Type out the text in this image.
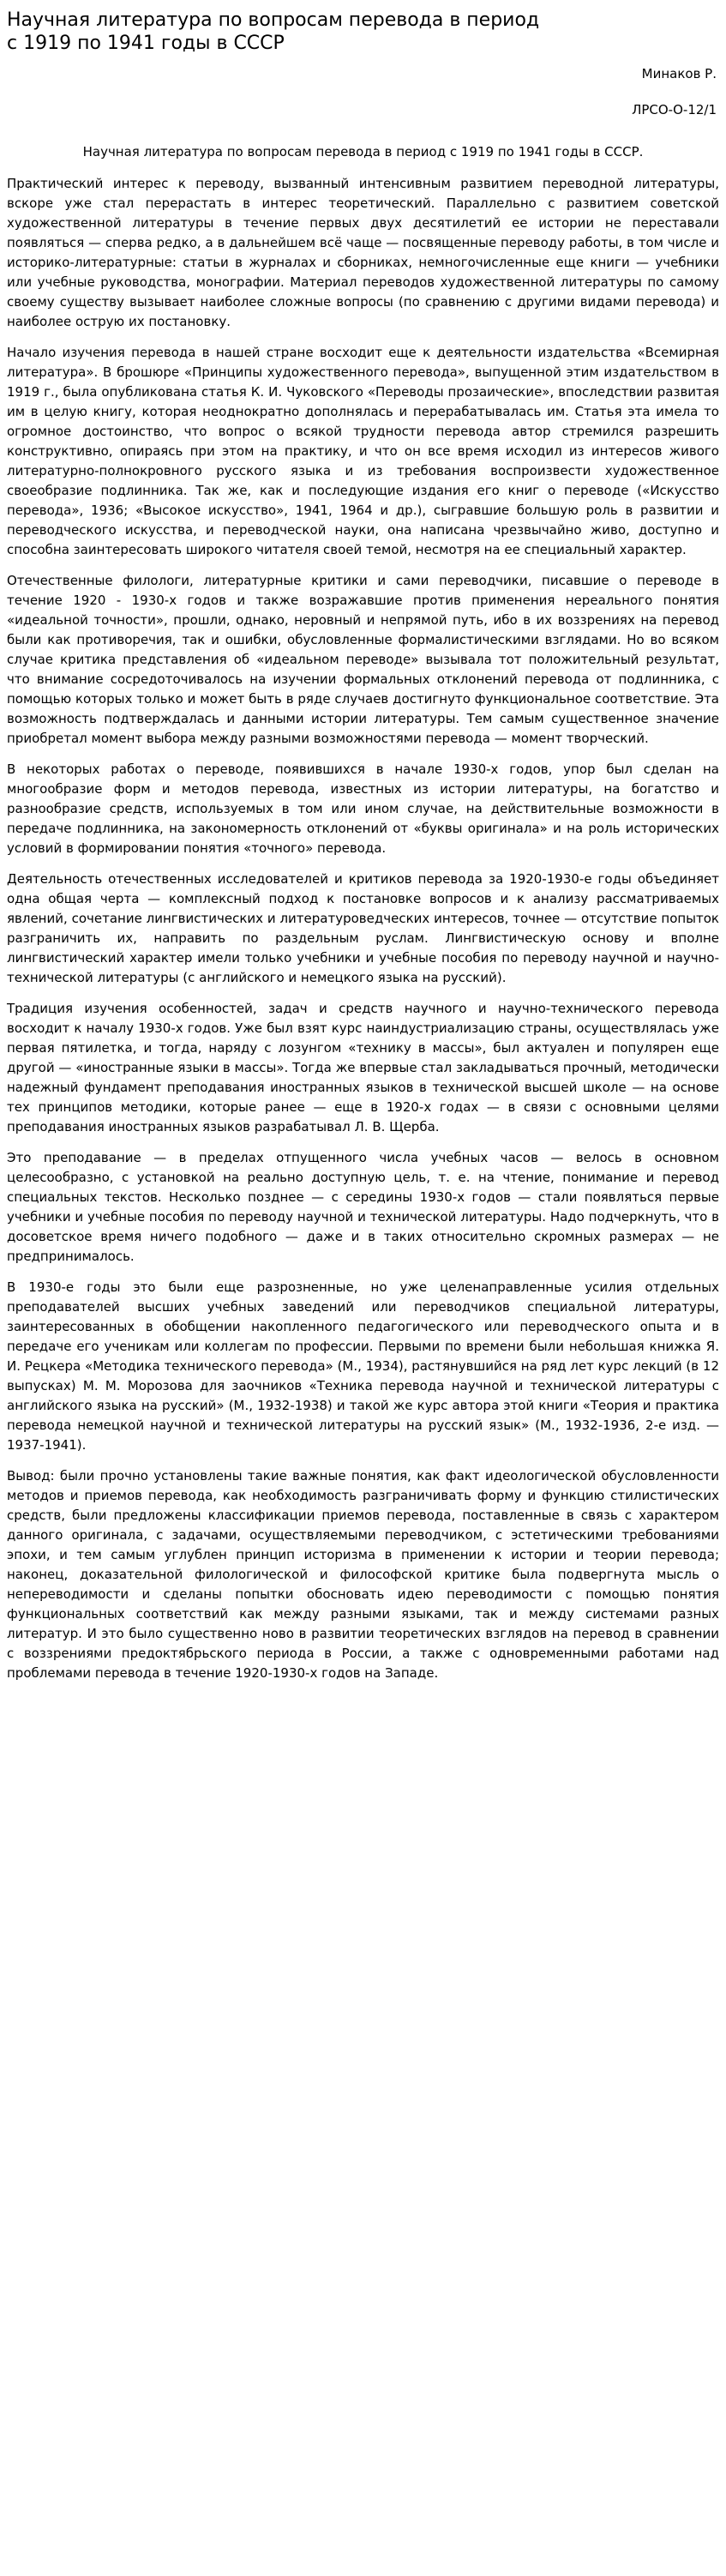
Научная литература по вопросам перевода в период с 1919 по 1941 годы в СССР
Минаков Р.
ЛРСО-О-12/1
Научная литература по вопросам перевода в период с 1919 по 1941 годы в СССР.

Практический интерес к переводу, вызванный интенсивным развитием переводной литературы, вскоре уже стал перерастать в интерес теоретический. Параллельно с развитием советской художественной литературы в течение первых двух десятилетий ее истории не переставали появляться — сперва редко, а в дальнейшем всё чаще — посвященные переводу работы, в том числе и историко-литературные: статьи в журналах и сборниках, немногочисленные еще книги — учебники или учебные руководства, монографии. Материал переводов художественной литературы по самому своему существу вызывает наиболее сложные вопросы (по сравнению с другими видами перевода) и наиболее острую их постановку.

Начало изучения перевода в нашей стране восходит еще к деятельности издательства «Всемирная литература». В брошюре «Принципы художественного перевода», выпущенной этим издательством в 1919 г., была опубликована статья К. И. Чуковского «Переводы прозаические», впоследствии развитая им в целую книгу, которая неоднократно дополнялась и перерабатывалась им. Статья эта имела то огромное достоинство, что вопрос о всякой трудности перевода автор стремился разрешить конструктивно, опираясь при этом на практику, и что он все время исходил из интересов живого литературно-полнокровного русского языка и из требования воспроизвести художественное своеобразие подлинника. Так же, как и последующие издания его книг о переводе («Искусство перевода», 1936; «Высокое искусство», 1941, 1964 и др.), сыгравшие большую роль в развитии и переводческого искусства, и переводческой науки, она написана чрезвычайно живо, доступно и способна заинтересовать широкого читателя своей темой, несмотря на ее специальный характер.

Отечественные филологи, литературные критики и сами переводчики, писавшие о переводе в течение 1920 - 1930-х годов и также возражавшие против применения нереального понятия «идеальной точности», прошли, однако, неровный и непрямой путь, ибо в их воззрениях на перевод были как противоречия, так и ошибки, обусловленные формалистическими взглядами. Но во всяком случае критика представления об «идеальном переводе» вызывала тот положительный результат, что внимание сосредоточивалось на изучении формальных отклонений перевода от подлинника, с помощью которых только и может быть в ряде случаев достигнуто функциональное соответствие. Эта возможность подтверждалась и данными истории литературы. Тем самым существенное значение приобретал момент выбора между разными возможностями перевода — момент творческий.

В некоторых работах о переводе, появившихся в начале 1930-х годов, упор был сделан на многообразие форм и методов перевода, известных из истории литературы, на богатство и разнообразие средств, используемых в том или ином случае, на действительные возможности в передаче подлинника, на закономерность отклонений от «буквы оригинала» и на роль исторических условий в формировании понятия «точного» перевода.

Деятельность отечественных исследователей и критиков перевода за 1920-1930-е годы объединяет одна общая черта — комплексный подход к постановке вопросов и к анализу рассматриваемых явлений, сочетание лингвистических и литературоведческих интересов, точнее — отсутствие попыток разграничить их, направить по раздельным руслам. Лингвистическую основу и вполне лингвистический характер имели только учебники и учебные пособия по переводу научной и научно-технической литературы (с английского и немецкого языка на русский).

Традиция изучения особенностей, задач и средств научного и научно-технического перевода восходит к началу 1930-х годов. Уже был взят курс наиндустриализацию страны, осуществлялась уже первая пятилетка, и тогда, наряду с лозунгом «технику в массы», был актуален и популярен еще другой — «иностранные языки в массы». Тогда же впервые стал закладываться прочный, методически надежный фундамент преподавания иностранных языков в технической высшей школе — на основе тех принципов методики, которые ранее — еще в 1920-х годах — в связи с основными целями преподавания иностранных языков разрабатывал Л. В. Щерба.

Это преподавание — в пределах отпущенного числа учебных часов — велось в основном целесообразно, с установкой на реально доступную цель, т. е. на чтение, понимание и перевод специальных текстов. Несколько позднее — с середины 1930-х годов — стали появляться первые учебники и учебные пособия по переводу научной и технической литературы. Надо подчеркнуть, что в досоветское время ничего подобного — даже и в таких относительно скромных размерах — не предпринималось.

В 1930-е годы это были еще разрозненные, но уже целенаправленные усилия отдельных преподавателей высших учебных заведений или переводчиков специальной литературы, заинтересованных в обобщении накопленного педагогического или переводческого опыта и в передаче его ученикам или коллегам по профессии. Первыми по времени были небольшая книжка Я. И. Рецкера «Методика технического перевода» (М., 1934), растянувшийся на ряд лет курс лекций (в 12 выпусках) М. М. Морозова для заочников «Техника перевода научной и технической литературы с английского языка на русский» (М., 1932-1938) и такой же курс автора этой книги «Теория и практика перевода немецкой научной и технической литературы на русский язык» (М., 1932-1936, 2-е изд. — 1937-1941).

Вывод: были прочно установлены такие важные понятия, как факт идеологической обусловленности методов и приемов перевода, как необходимость разграничивать форму и функцию стилистических средств, были предложены классификации приемов перевода, поставленные в связь с характером данного оригинала, с задачами, осуществляемыми переводчиком, с эстетическими требованиями эпохи, и тем самым углублен принцип историзма в применении к истории и теории перевода; наконец, доказательной филологической и философской критике была подвергнута мысль о непереводимости и сделаны попытки обосновать идею переводимости с помощью понятия функциональных соответствий как между разными языками, так и между системами разных литератур. И это было существенно ново в развитии теоретических взглядов на перевод в сравнении с воззрениями предоктябрьского периода в России, а также с одновременными работами над проблемами перевода в течение 1920-1930-х годов на Западе.
